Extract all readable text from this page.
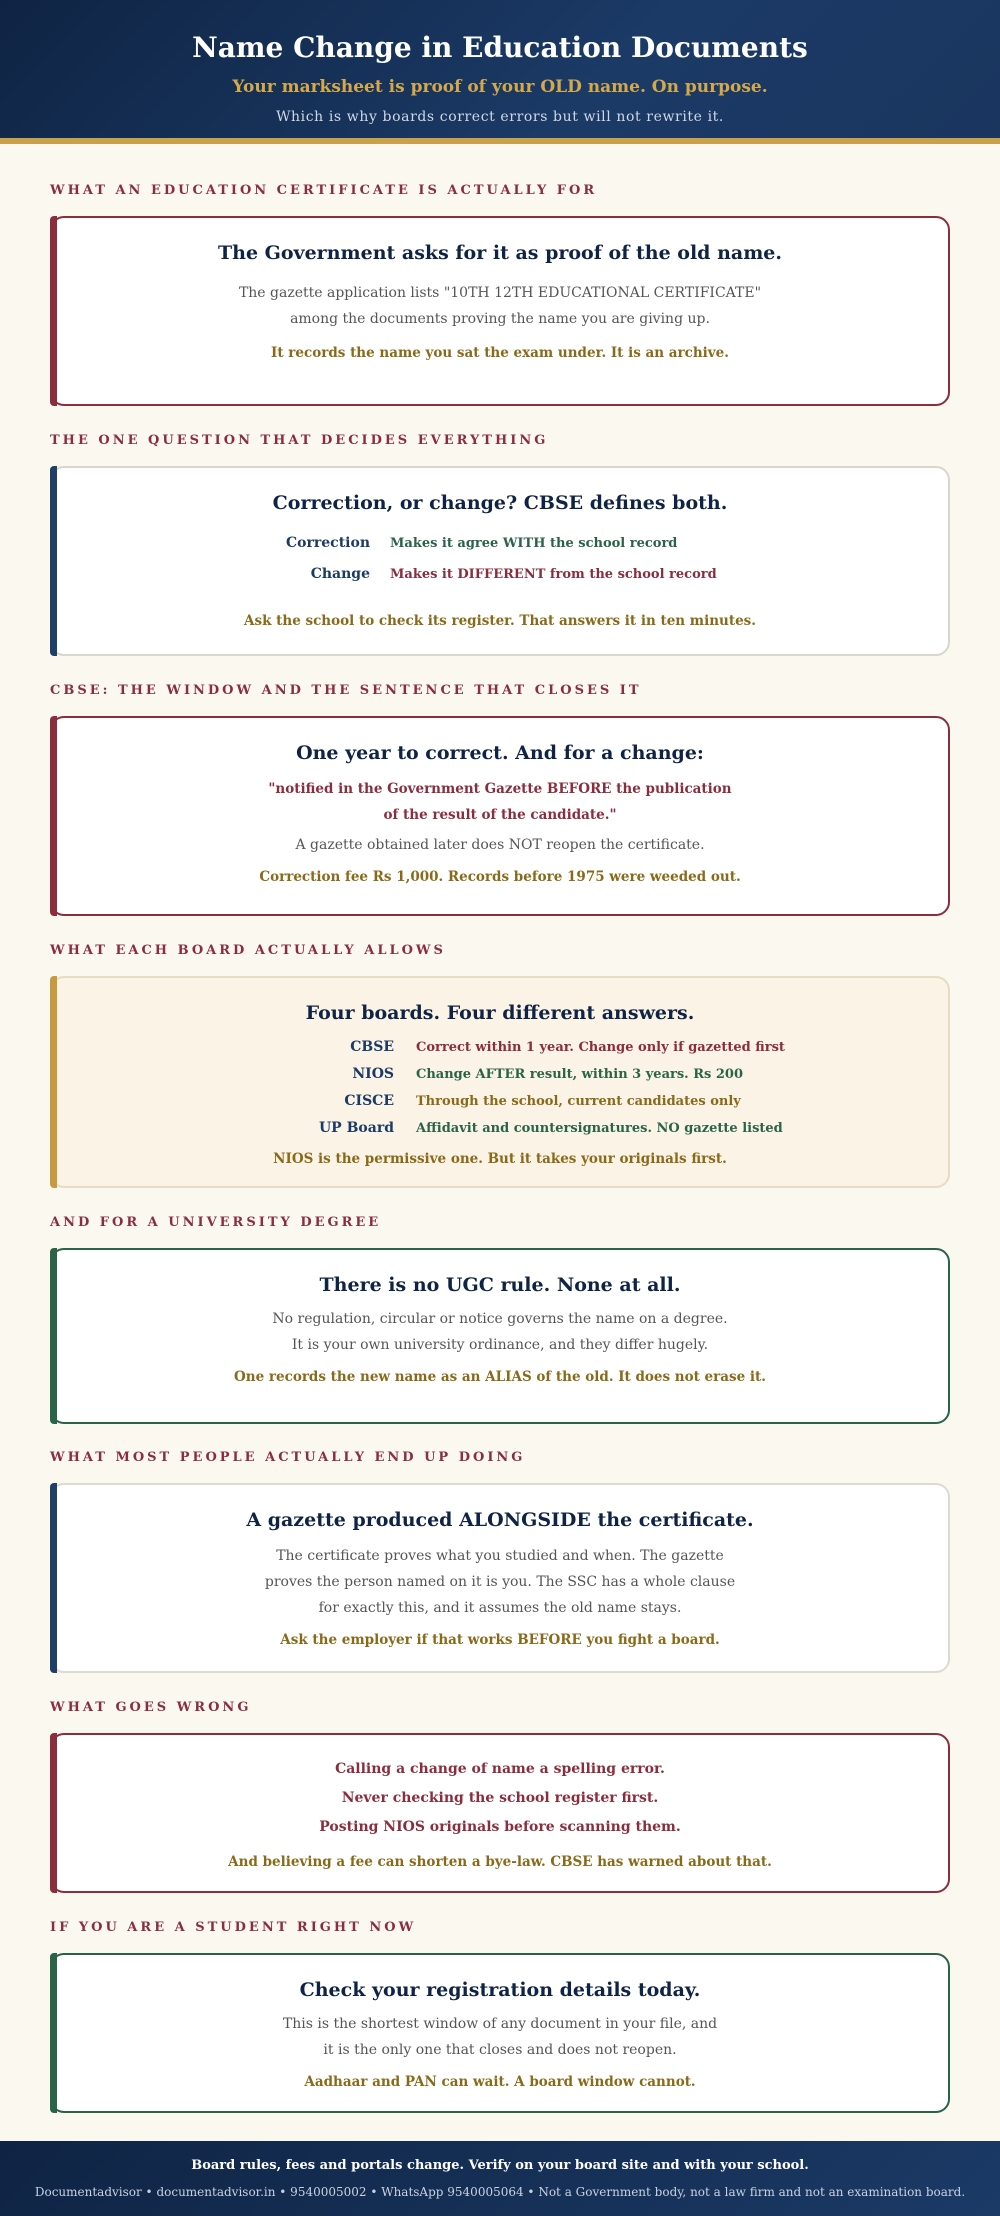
Name Change in Education Documents
Your marksheet is proof of your OLD name. On purpose.
Which is why boards correct errors but will not rewrite it.
WHAT AN EDUCATION CERTIFICATE IS ACTUALLY FOR
The Government asks for it as proof of the old name.
The gazette application lists "10TH 12TH EDUCATIONAL CERTIFICATE"
among the documents proving the name you are giving up.
It records the name you sat the exam under. It is an archive.
THE ONE QUESTION THAT DECIDES EVERYTHING
Correction, or change? CBSE defines both.
Correction	Makes it agree WITH the school record
Change	Makes it DIFFERENT from the school record
Ask the school to check its register. That answers it in ten minutes.
CBSE: THE WINDOW AND THE SENTENCE THAT CLOSES IT
One year to correct. And for a change:
"notified in the Government Gazette BEFORE the publication
of the result of the candidate."
A gazette obtained later does NOT reopen the certificate.
Correction fee Rs 1,000. Records before 1975 were weeded out.
WHAT EACH BOARD ACTUALLY ALLOWS
Four boards. Four different answers.
CBSE	Correct within 1 year. Change only if gazetted first
NIOS	Change AFTER result, within 3 years. Rs 200
CISCE	Through the school, current candidates only
UP Board	Affidavit and countersignatures. NO gazette listed
NIOS is the permissive one. But it takes your originals first.
AND FOR A UNIVERSITY DEGREE
There is no UGC rule. None at all.
No regulation, circular or notice governs the name on a degree.
It is your own university ordinance, and they differ hugely.
One records the new name as an ALIAS of the old. It does not erase it.
WHAT MOST PEOPLE ACTUALLY END UP DOING
A gazette produced ALONGSIDE the certificate.
The certificate proves what you studied and when. The gazette
proves the person named on it is you. The SSC has a whole clause
for exactly this, and it assumes the old name stays.
Ask the employer if that works BEFORE you fight a board.
WHAT GOES WRONG
Calling a change of name a spelling error.
Never checking the school register first.
Posting NIOS originals before scanning them.
And believing a fee can shorten a bye-law. CBSE has warned about that.
IF YOU ARE A STUDENT RIGHT NOW
Check your registration details today.
This is the shortest window of any document in your file, and
it is the only one that closes and does not reopen.
Aadhaar and PAN can wait. A board window cannot.
Board rules, fees and portals change. Verify on your board site and with your school.
Documentadvisor • documentadvisor.in • 9540005002 • WhatsApp 9540005064 • Not a Government body, not a law firm and not an examination board.
